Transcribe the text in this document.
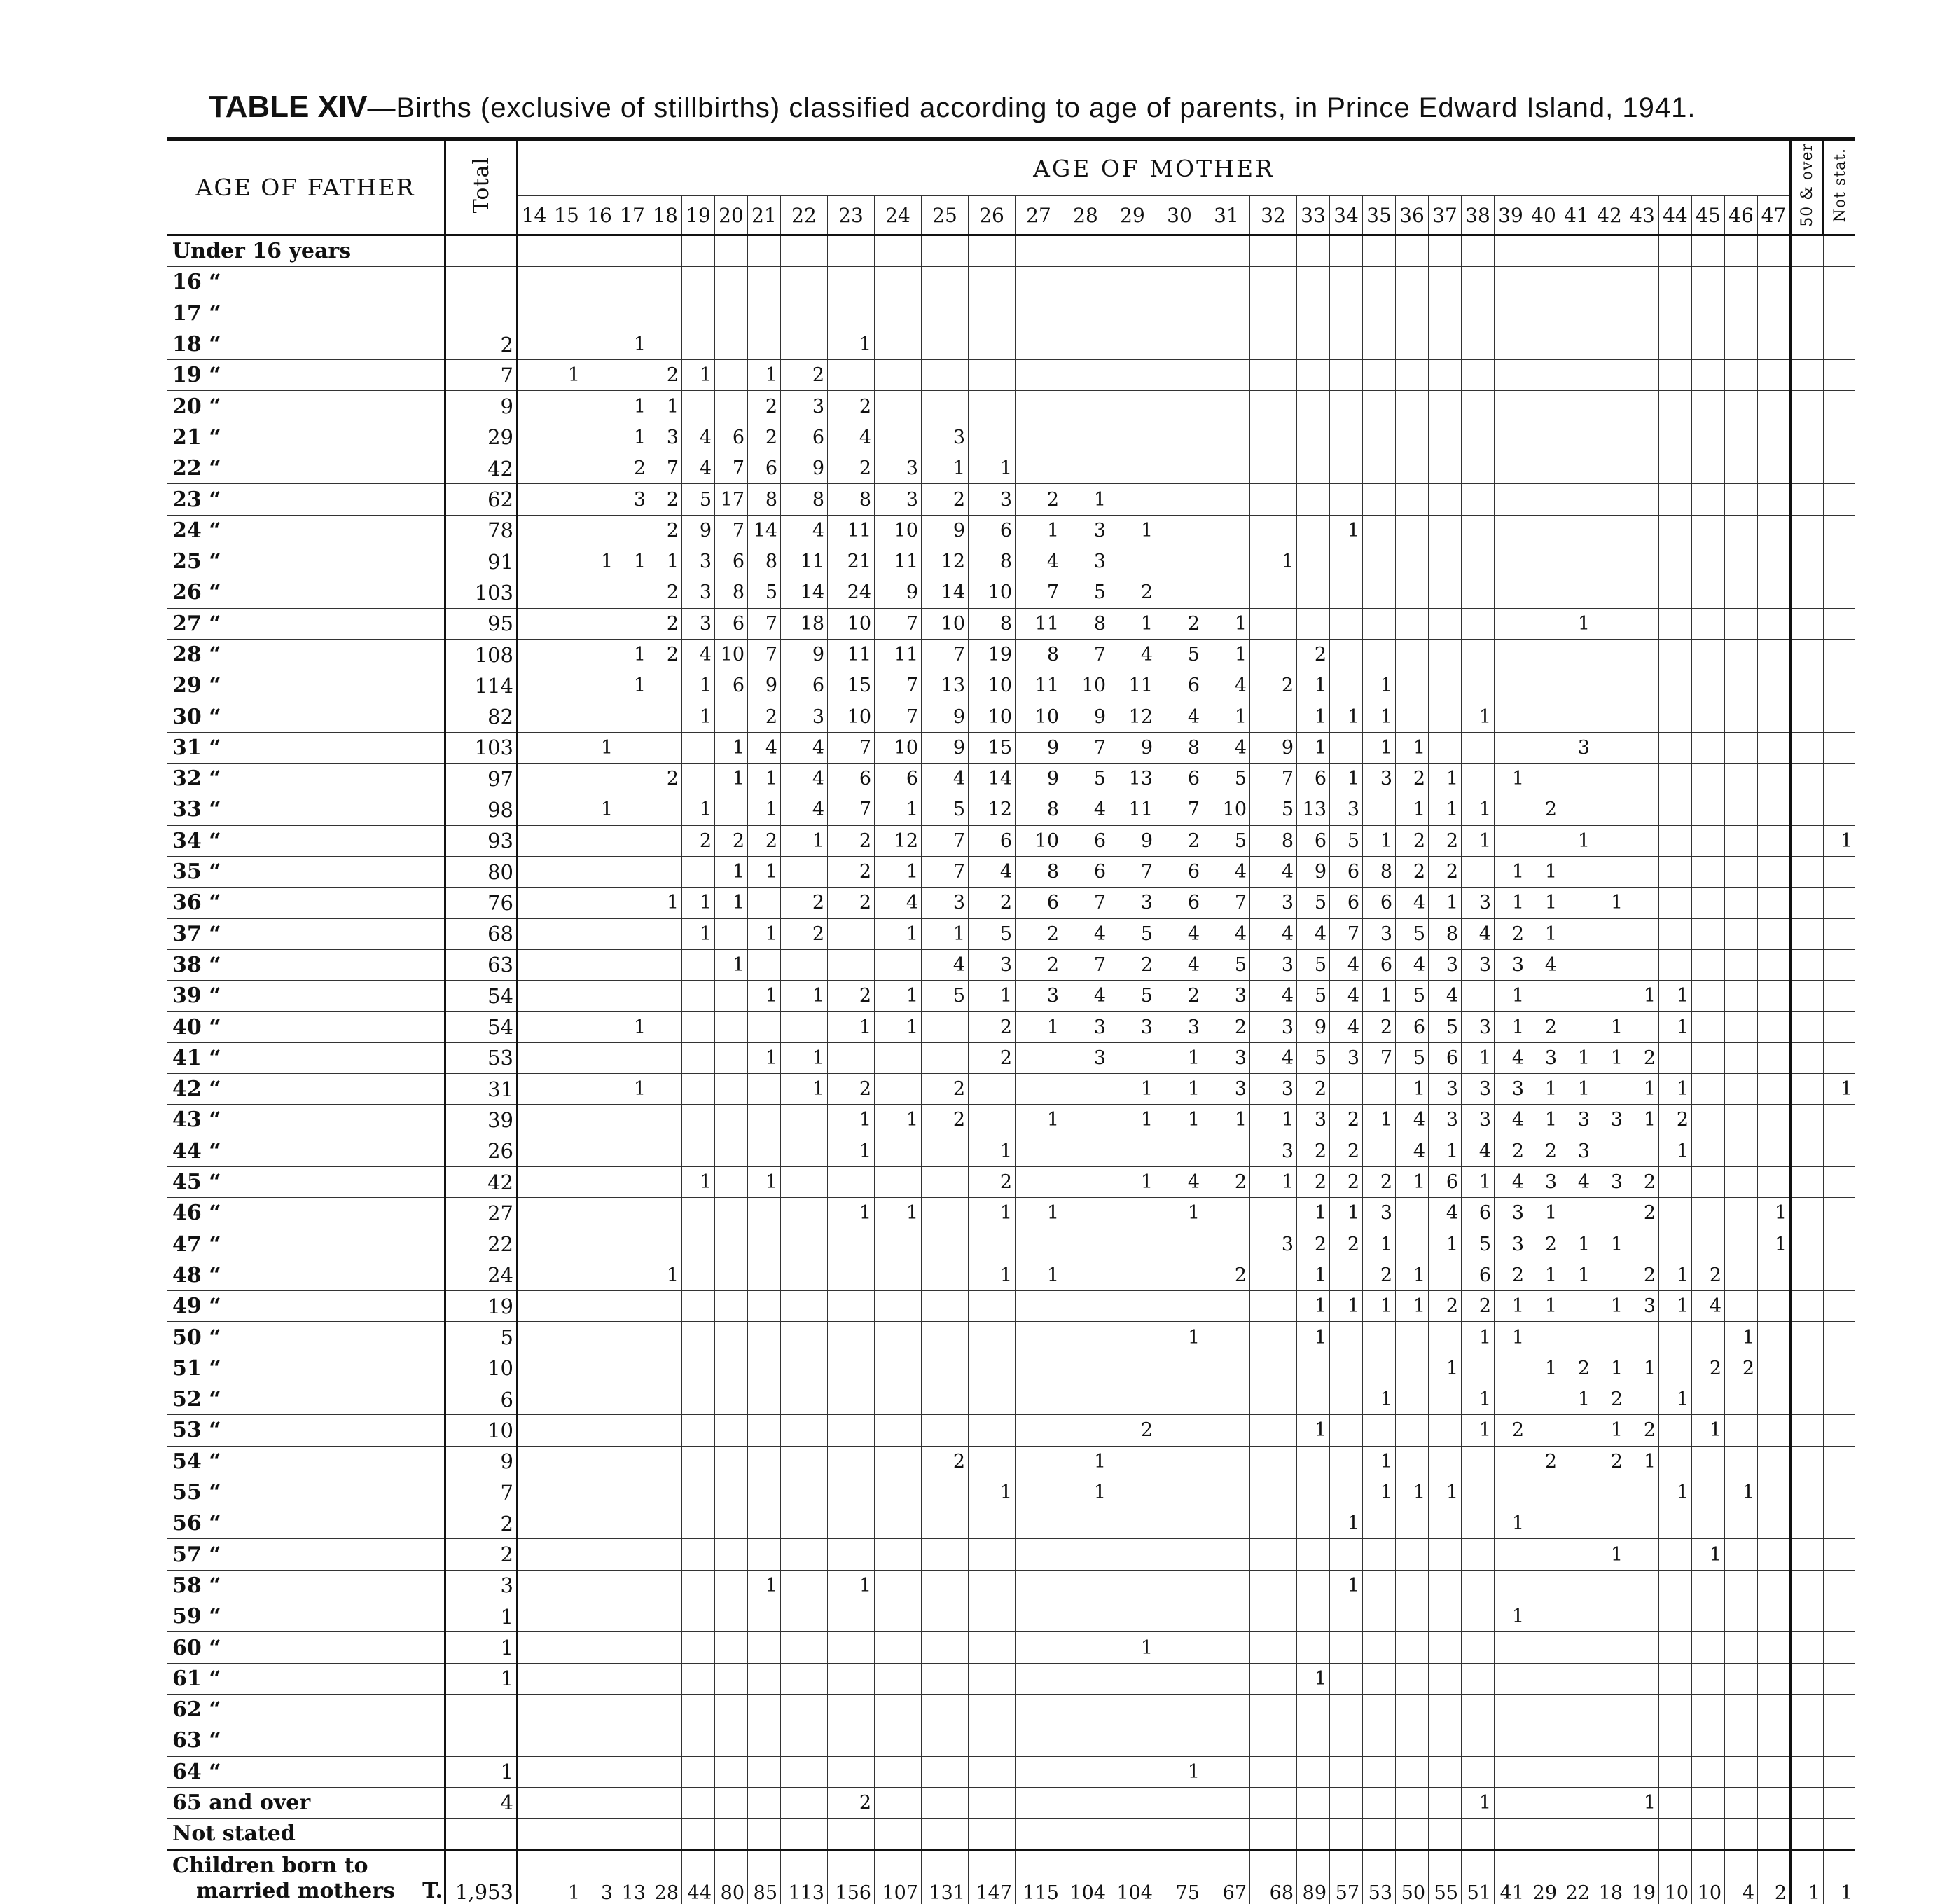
TABLE XIV—Births (exclusive of stillbirths) classified according to age of parents, in Prince Edward Island, 1941.
AGE OF FATHER	Total	AGE OF MOTHER																																		50 & over	Not stat.
		14	15	16	17	18	19	20	21	22	23	24	25	26	27	28	29	30	31	32	33	34	35	36	37	38	39	40	41	42	43	44	45	46	47		
Under 16 years																																					
16 “																																					
17 “																																					
18 “	2				1						1																										
19 “	7		1			2	1		1	2																											
20 “	9				1	1			2	3	2																										
21 “	29				1	3	4	6	2	6	4		3																								
22 “	42				2	7	4	7	6	9	2	3	1	1																							
23 “	62				3	2	5	17	8	8	8	3	2	3	2	1																					
24 “	78					2	9	7	14	4	11	10	9	6	1	3	1					1															
25 “	91			1	1	1	3	6	8	11	21	11	12	8	4	3				1																	
26 “	103					2	3	8	5	14	24	9	14	10	7	5	2																				
27 “	95					2	3	6	7	18	10	7	10	8	11	8	1	2	1										1								
28 “	108				1	2	4	10	7	9	11	11	7	19	8	7	4	5	1		2																
29 “	114				1		1	6	9	6	15	7	13	10	11	10	11	6	4	2	1		1														
30 “	82						1		2	3	10	7	9	10	10	9	12	4	1		1	1	1			1											
31 “	103			1				1	4	4	7	10	9	15	9	7	9	8	4	9	1		1	1					3								
32 “	97					2		1	1	4	6	6	4	14	9	5	13	6	5	7	6	1	3	2	1		1										
33 “	98			1			1		1	4	7	1	5	12	8	4	11	7	10	5	13	3		1	1	1		2									
34 “	93						2	2	2	1	2	12	7	6	10	6	9	2	5	8	6	5	1	2	2	1			1								1
35 “	80							1	1		2	1	7	4	8	6	7	6	4	4	9	6	8	2	2		1	1									
36 “	76					1	1	1		2	2	4	3	2	6	7	3	6	7	3	5	6	6	4	1	3	1	1		1							
37 “	68						1		1	2		1	1	5	2	4	5	4	4	4	4	7	3	5	8	4	2	1									
38 “	63							1					4	3	2	7	2	4	5	3	5	4	6	4	3	3	3	4									
39 “	54								1	1	2	1	5	1	3	4	5	2	3	4	5	4	1	5	4		1				1	1					
40 “	54				1						1	1		2	1	3	3	3	2	3	9	4	2	6	5	3	1	2		1		1					
41 “	53								1	1				2		3		1	3	4	5	3	7	5	6	1	4	3	1	1	2						
42 “	31				1					1	2		2				1	1	3	3	2			1	3	3	3	1	1		1	1					1
43 “	39										1	1	2		1		1	1	1	1	3	2	1	4	3	3	4	1	3	3	1	2					
44 “	26										1			1						3	2	2		4	1	4	2	2	3			1					
45 “	42						1		1					2			1	4	2	1	2	2	2	1	6	1	4	3	4	3	2						
46 “	27										1	1		1	1			1			1	1	3		4	6	3	1			2				1		
47 “	22																			3	2	2	1		1	5	3	2	1	1					1		
48 “	24					1								1	1				2		1		2	1		6	2	1	1		2	1	2				
49 “	19																				1	1	1	1	2	2	1	1		1	3	1	4				
50 “	5																	1			1					1	1							1			
51 “	10																								1			1	2	1	1		2	2			
52 “	6																						1			1			1	2		1					
53 “	10																2				1					1	2			1	2		1				
54 “	9												2			1							1					2		2	1						
55 “	7													1		1							1	1	1							1		1			
56 “	2																					1					1										
57 “	2																													1			1				
58 “	3								1		1											1															
59 “	1																										1										
60 “	1																1																				
61 “	1																				1																
62 “																																					
63 “																																					
64 “	1																	1																			
65 and over	4										2															1					1						
Not stated																																					

Children born to
married mothers T.	1,953		1	3	13	28	44	80	85	113	156	107	131	147	115	104	104	75	67	68	89	57	53	50	55	51	41	29	22	18	19	10	10	4	2	1	1
